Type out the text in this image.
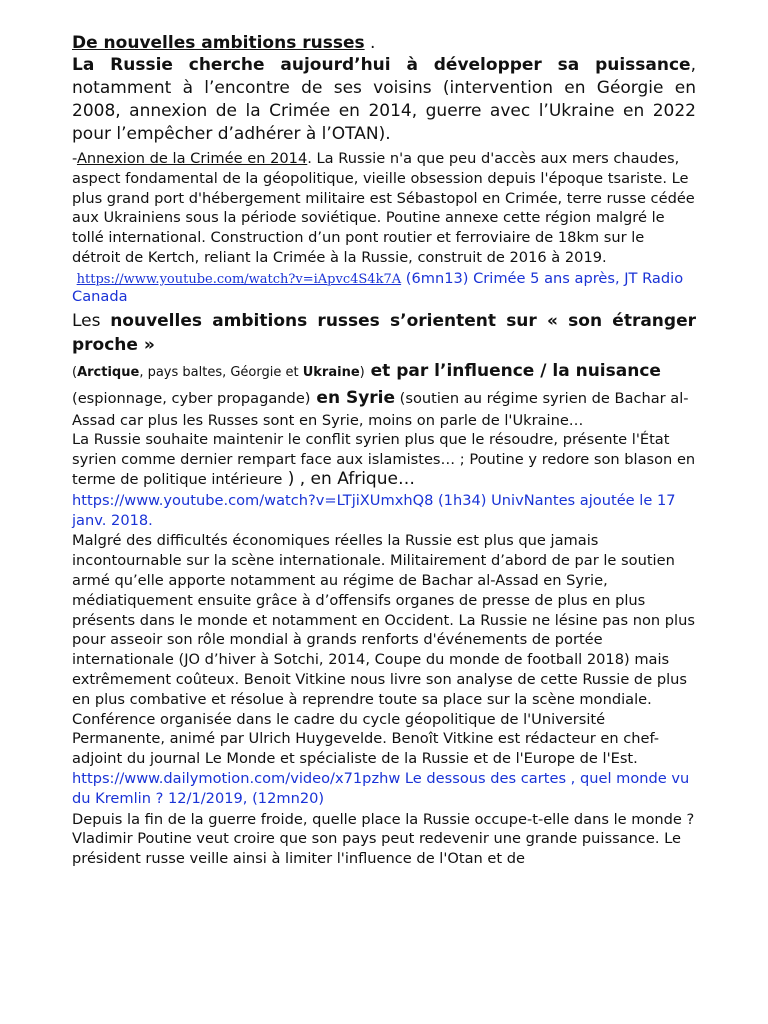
De nouvelles ambitions russes .

La Russie cherche aujourd’hui à développer sa puissance, notamment à l’encontre de ses voisins (intervention en Géorgie en 2008, annexion de la Crimée en 2014, guerre avec l’Ukraine en 2022 pour l’empêcher d’adhérer à l’OTAN).

-Annexion de la Crimée en 2014. La Russie n'a que peu d'accès aux mers chaudes, aspect fondamental de la géopolitique, vieille obsession depuis l'époque tsariste. Le plus grand port d'hébergement militaire est Sébastopol en Crimée, terre russe cédée aux Ukrainiens sous la période soviétique. Poutine annexe cette région malgré le tollé international. Construction d’un pont routier et ferroviaire de 18km sur le détroit de Kertch, reliant la Crimée à la Russie, construit de 2016 à 2019.

https://www.youtube.com/watch?v=iApvc4S4k7A (6mn13) Crimée 5 ans après, JT Radio Canada

Les nouvelles ambitions russes s’orientent sur « son étranger proche »

(Arctique, pays baltes, Géorgie et Ukraine) et par l’influence / la nuisance

(espionnage, cyber propagande) en Syrie (soutien au régime syrien de Bachar al-

Assad car plus les Russes sont en Syrie, moins on parle de l'Ukraine…

La Russie souhaite maintenir le conflit syrien plus que le résoudre, présente l'État syrien comme dernier rempart face aux islamistes… ; Poutine y redore son blason en terme de politique intérieure ) , en Afrique…

https://www.youtube.com/watch?v=LTjiXUmxhQ8 (1h34) UnivNantes ajoutée le 17 janv. 2018.

Malgré des difficultés économiques réelles la Russie est plus que jamais incontournable sur la scène internationale. Militairement d’abord de par le soutien armé qu’elle apporte notamment au régime de Bachar al-Assad en Syrie, médiatiquement ensuite grâce à d’offensifs organes de presse de plus en plus présents dans le monde et notamment en Occident. La Russie ne lésine pas non plus pour asseoir son rôle mondial à grands renforts d'événements de portée internationale (JO d’hiver à Sotchi, 2014, Coupe du monde de football 2018) mais extrêmement coûteux. Benoit Vitkine nous livre son analyse de cette Russie de plus en plus combative et résolue à reprendre toute sa place sur la scène mondiale.

Conférence organisée dans le cadre du cycle géopolitique de l'Université Permanente, animé par Ulrich Huygevelde. Benoît Vitkine est rédacteur en chef-adjoint du journal Le Monde et spécialiste de la Russie et de l'Europe de l'Est. https://www.dailymotion.com/video/x71pzhw Le dessous des cartes , quel monde vu du Kremlin ? 12/1/2019, (12mn20)

Depuis la fin de la guerre froide, quelle place la Russie occupe-t-elle dans le monde ? Vladimir Poutine veut croire que son pays peut redevenir une grande puissance. Le président russe veille ainsi à limiter l'influence de l'Otan et de
